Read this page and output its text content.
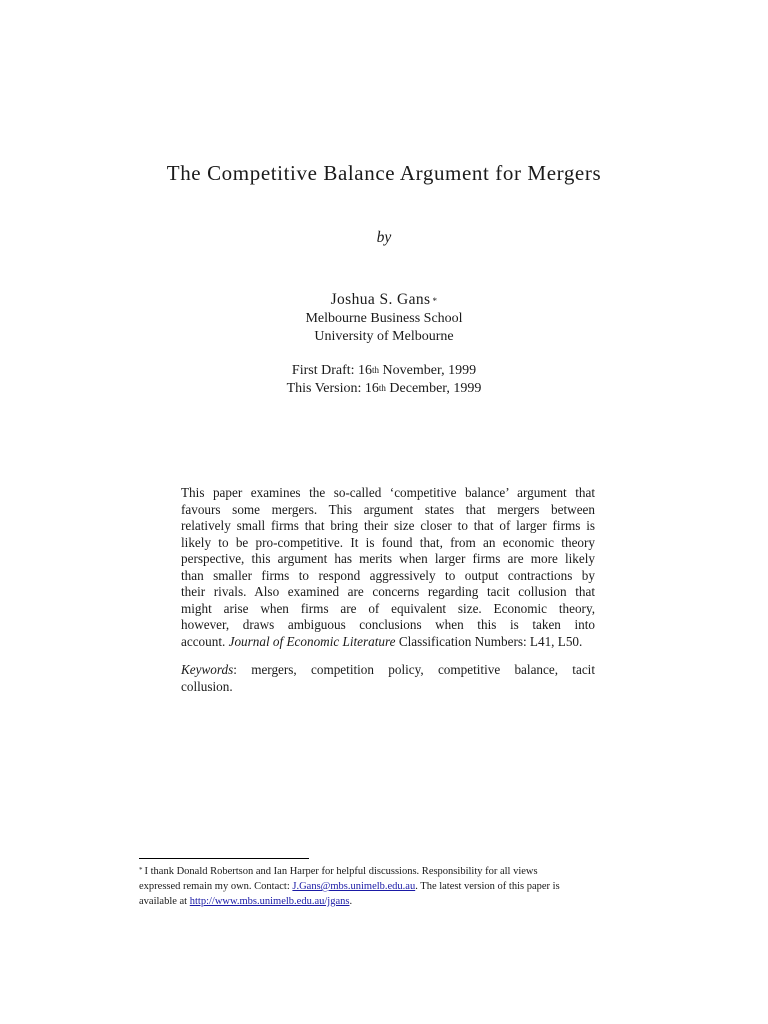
The Competitive Balance Argument for Mergers
by
Joshua S. Gans *
Melbourne Business School
University of Melbourne
First Draft: 16th November, 1999
This Version: 16th December, 1999
This paper examines the so-called ‘competitive balance’ argument that
favours some mergers. This argument states that mergers between
relatively small firms that bring their size closer to that of larger firms is
likely to be pro-competitive. It is found that, from an economic theory
perspective, this argument has merits when larger firms are more likely
than smaller firms to respond aggressively to output contractions by
their rivals. Also examined are concerns regarding tacit collusion that
might arise when firms are of equivalent size. Economic theory,
however, draws ambiguous conclusions when this is taken into
account. Journal of Economic Literature Classification Numbers: L41, L50.
Keywords: mergers, competition policy, competitive balance, tacit
collusion.
* I thank Donald Robertson and Ian Harper for helpful discussions. Responsibility for all views
expressed remain my own. Contact: J.Gans@mbs.unimelb.edu.au. The latest version of this paper is
available at http://www.mbs.unimelb.edu.au/jgans.
